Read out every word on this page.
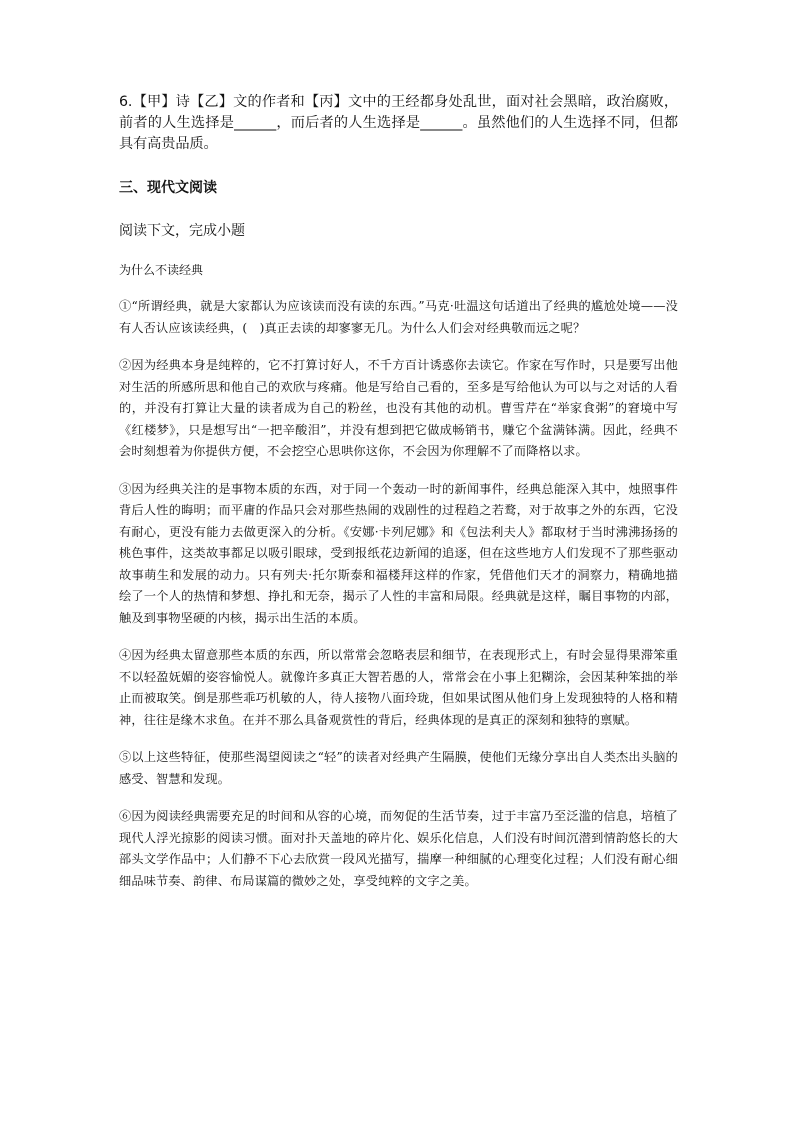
6.【甲】诗【乙】文的作者和【丙】文中的王经都身处乱世，面对社会黑暗，政治腐败，前者的人生选择是______，而后者的人生选择是______。虽然他们的人生选择不同，但都具有高贵品质。

三、现代文阅读

阅读下文，完成小题

为什么不读经典

①“所谓经典，就是大家都认为应该读而没有读的东西。”马克·吐温这句话道出了经典的尴尬处境——没有人否认应该读经典，(　)真正去读的却寥寥无几。为什么人们会对经典敬而远之呢？

②因为经典本身是纯粹的，它不打算讨好人，不千方百计诱惑你去读它。作家在写作时，只是要写出他对生活的所感所思和他自己的欢欣与疼痛。他是写给自己看的，至多是写给他认为可以与之对话的人看的，并没有打算让大量的读者成为自己的粉丝，也没有其他的动机。曹雪芹在“举家食粥”的窘境中写《红楼梦》，只是想写出“一把辛酸泪”，并没有想到把它做成畅销书，赚它个盆满钵满。因此，经典不会时刻想着为你提供方便，不会挖空心思哄你这你，不会因为你理解不了而降格以求。

③因为经典关注的是事物本质的东西，对于同一个轰动一时的新闻事件，经典总能深入其中，烛照事件背后人性的晦明；而平庸的作品只会对那些热闹的戏剧性的过程趋之若鹜，对于故事之外的东西，它没有耐心，更没有能力去做更深入的分析。《安娜·卡列尼娜》和《包法利夫人》都取材于当时沸沸扬扬的桃色事件，这类故事都足以吸引眼球，受到报纸花边新闻的追逐，但在这些地方人们发现不了那些驱动故事萌生和发展的动力。只有列夫·托尔斯泰和福楼拜这样的作家，凭借他们天才的洞察力，精确地描绘了一个人的热情和梦想、挣扎和无奈，揭示了人性的丰富和局限。经典就是这样，瞩目事物的内部，触及到事物坚硬的内核，揭示出生活的本质。

④因为经典太留意那些本质的东西，所以常常会忽略表层和细节，在表现形式上，有时会显得果滞笨重 不以轻盈妩媚的姿容愉悦人。就像许多真正大智若愚的人，常常会在小事上犯糊涂，会因某种笨拙的举止而被取笑。倒是那些乖巧机敏的人，待人接物八面玲珑，但如果试图从他们身上发现独特的人格和精神，往往是缘木求鱼。在并不那么具备观赏性的背后，经典体现的是真正的深刻和独特的禀赋。

⑤以上这些特征，使那些渴望阅读之“轻”的读者对经典产生隔膜，使他们无缘分享出自人类杰出头脑的感受、智慧和发现。

⑥因为阅读经典需要充足的时间和从容的心境，而匆促的生活节奏，过于丰富乃至泛滥的信息，培植了现代人浮光掠影的阅读习惯。面对扑天盖地的碎片化、娱乐化信息，人们没有时间沉潜到情韵悠长的大部头文学作品中；人们静不下心去欣赏一段风光描写，揣摩一种细腻的心理变化过程；人们没有耐心细细品味节奏、韵律、布局谋篇的微妙之处，享受纯粹的文字之美。
